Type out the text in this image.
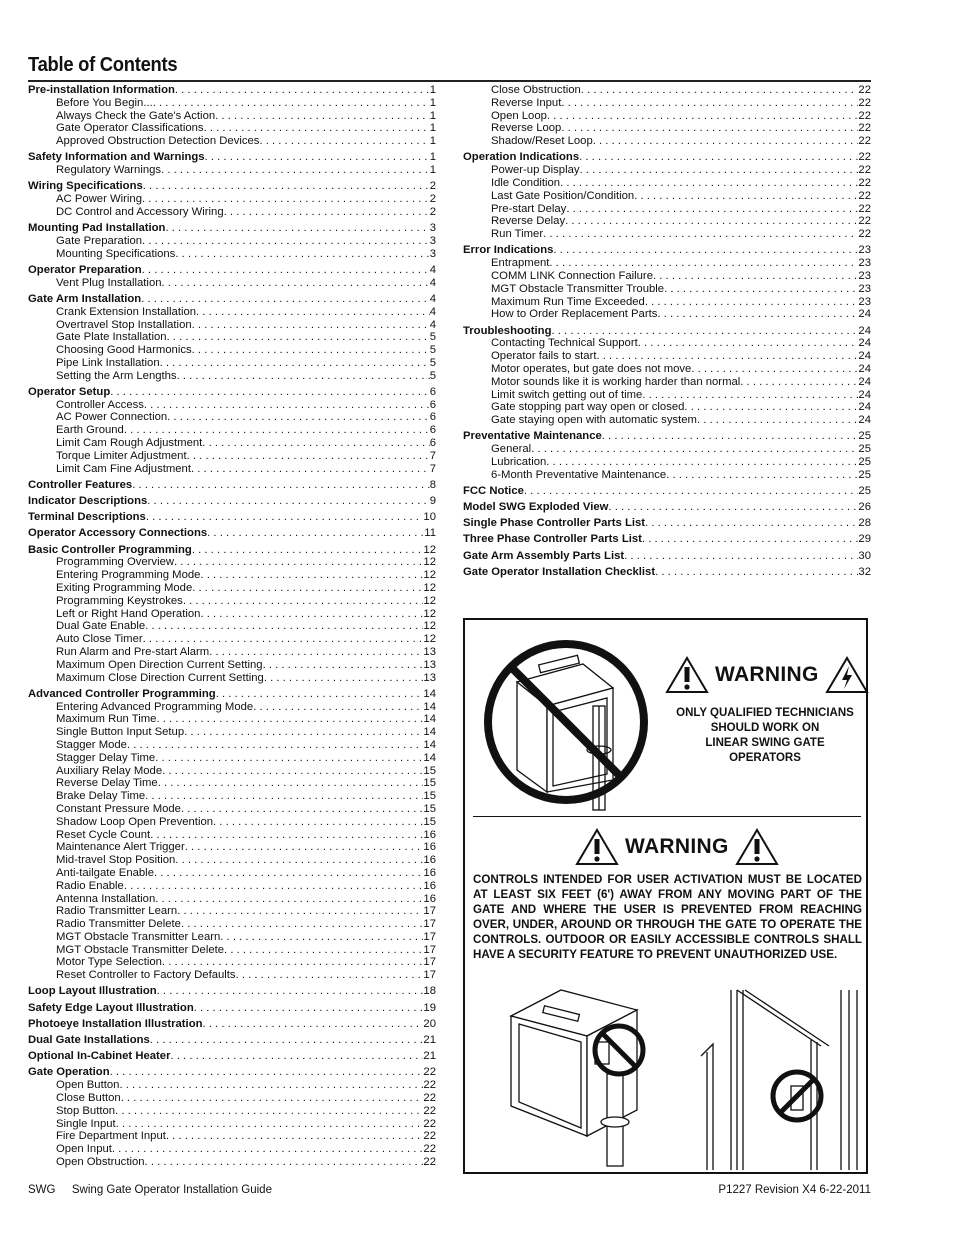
Table of Contents
Pre-installation Information . . .	1
Before You Begin... . . .	1
Always Check the Gate's Action . . .	1
Gate Operator Classifications . . .	1
Approved Obstruction Detection Devices . . .	1
Safety Information and Warnings . . .	1
Regulatory Warnings . . .	1
Wiring Specifications . . .	2
AC Power Wiring . . .	2
DC Control and Accessory Wiring . . .	2
Mounting Pad Installation . . .	3
Gate Preparation . . .	3
Mounting Specifications . . .	3
Operator Preparation . . .	4
Vent Plug Installation . . .	4
Gate Arm Installation . . .	4
Crank Extension Installation . . .	4
Overtravel Stop Installation . . .	4
Gate Plate Installation . . .	5
Choosing Good Harmonics . . .	5
Pipe Link Installation . . .	5
Setting the Arm Lengths . . .	5
Operator Setup . . .	6
Controller Access . . .	6
AC Power Connection . . .	6
Earth Ground . . .	6
Limit Cam Rough Adjustment . . .	6
Torque Limiter Adjustment . . .	7
Limit Cam Fine Adjustment . . .	7
Controller Features . . .	8
Indicator Descriptions . . .	9
Terminal Descriptions . . .	10
Operator Accessory Connections . . .	11
Basic Controller Programming . . .	12
Programming Overview . . .	12
Entering Programming Mode . . .	12
Exiting Programming Mode . . .	12
Programming Keystrokes . . .	12
Left or Right Hand Operation . . .	12
Dual Gate Enable . . .	12
Auto Close Timer . . .	12
Run Alarm and Pre-start Alarm . . .	13
Maximum Open Direction Current Setting . . .	13
Maximum Close Direction Current Setting . . .	13
Advanced Controller Programming . . .	14
Entering Advanced Programming Mode . . .	14
Maximum Run Time . . .	14
Single Button Input Setup . . .	14
Stagger Mode . . .	14
Stagger Delay Time . . .	14
Auxiliary Relay Mode . . .	15
Reverse Delay Time . . .	15
Brake Delay Time . . .	15
Constant Pressure Mode . . .	15
Shadow Loop Open Prevention . . .	15
Reset Cycle Count . . .	16
Maintenance Alert Trigger . . .	16
Mid-travel Stop Position . . .	16
Anti-tailgate Enable . . .	16
Radio Enable . . .	16
Antenna Installation . . .	16
Radio Transmitter Learn . . .	17
Radio Transmitter Delete . . .	17
MGT Obstacle Transmitter Learn . . .	17
MGT Obstacle Transmitter Delete . . .	17
Motor Type Selection . . .	17
Reset Controller to Factory Defaults . . .	17
Loop Layout Illustration . . .	18
Safety Edge Layout Illustration . . .	19
Photoeye Installation Illustration . . .	20
Dual Gate Installations . . .	21
Optional In-Cabinet Heater . . .	21
Gate Operation . . .	22
Open Button . . .	22
Close Button . . .	22
Stop Button . . .	22
Single Input . . .	22
Fire Department Input . . .	22
Open Input . . .	22
Open Obstruction . . .	22
Close Obstruction . . .	22
Reverse Input . . .	22
Open Loop . . .	22
Reverse Loop . . .	22
Shadow/Reset Loop . . .	22
Operation Indications . . .	22
Power-up Display . . .	22
Idle Condition . . .	22
Last Gate Position/Condition . . .	22
Pre-start Delay . . .	22
Reverse Delay . . .	22
Run Timer . . .	22
Error Indications . . .	23
Entrapment . . .	23
COMM LINK Connection Failure . . .	23
MGT Obstacle Transmitter Trouble . . .	23
Maximum Run Time Exceeded . . .	23
How to Order Replacement Parts . . .	24
Troubleshooting . . .	24
Contacting Technical Support . . .	24
Operator fails to start . . .	24
Motor operates, but gate does not move . . .	24
Motor sounds like it is working harder than normal . . .	24
Limit switch getting out of time . . .	24
Gate stopping part way open or closed . . .	24
Gate staying open with automatic system . . .	24
Preventative Maintenance . . .	25
General . . .	25
Lubrication . . .	25
6-Month Preventative Maintenance . . .	25
FCC Notice . . .	25
Model SWG Exploded View . . .	26
Single Phase Controller Parts List . . .	28
Three Phase Controller Parts List . . .	29
Gate Arm Assembly Parts List . . .	30
Gate Operator Installation Checklist . . .	32
WARNING
ONLY QUALIFIED TECHNICIANS
SHOULD WORK ON
LINEAR SWING GATE
OPERATORS
WARNING
CONTROLS INTENDED FOR USER ACTIVATION MUST BE LOCATED AT LEAST SIX FEET (6') AWAY FROM ANY MOVING PART OF THE GATE AND WHERE THE USER IS PREVENTED FROM REACHING OVER, UNDER, AROUND OR THROUGH THE GATE TO OPERATE THE CONTROLS. OUTDOOR OR EASILY ACCESSIBLE CONTROLS SHALL HAVE A SECURITY FEATURE TO PREVENT UNAUTHORIZED USE.
SWG Swing Gate Operator Installation Guide	P1227 Revision X4 6-22-2011
